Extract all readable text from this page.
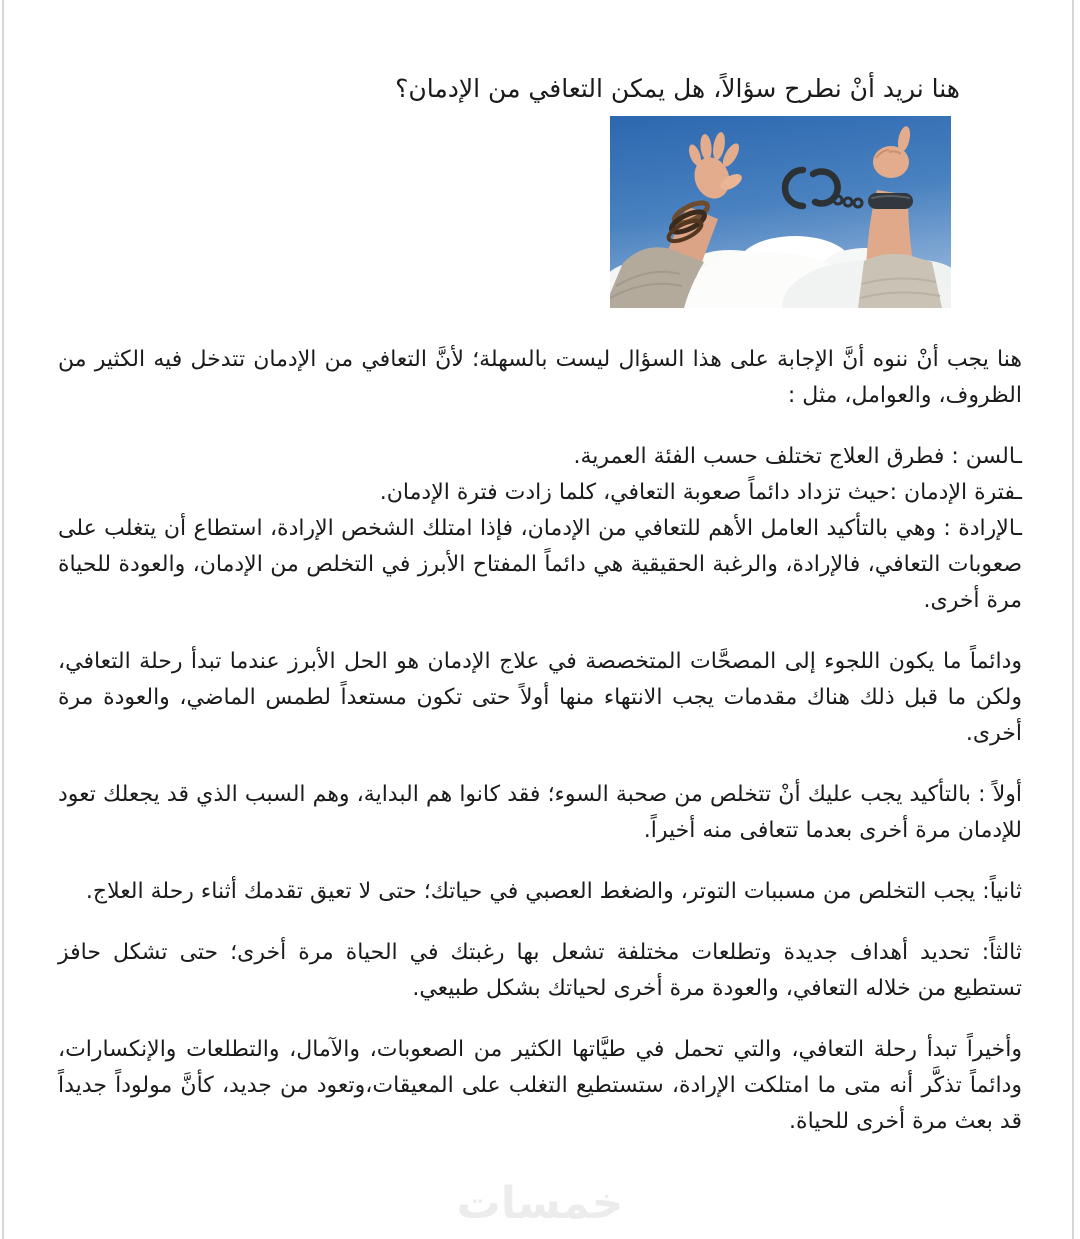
هنا نريد أنْ نطرح سؤالاً، هل يمكن التعافي من الإدمان؟

هنا يجب أنْ ننوه أنَّ الإجابة على هذا السؤال ليست بالسهلة؛ لأنَّ التعافي من الإدمان تتدخل فيه الكثير من الظروف، والعوامل، مثل :

ـالسن : فطرق العلاج تختلف حسب الفئة العمرية.

ـفترة الإدمان :حيث تزداد دائماً صعوبة التعافي، كلما زادت فترة الإدمان.

ـالإرادة : وهي بالتأكيد العامل الأهم للتعافي من الإدمان، فإذا امتلك الشخص الإرادة، استطاع أن يتغلب على صعوبات التعافي، فالإرادة، والرغبة الحقيقية هي دائماً المفتاح الأبرز في التخلص من الإدمان، والعودة للحياة مرة أخرى.

ودائماً ما يكون اللجوء إلى المصحَّات المتخصصة في علاج الإدمان هو الحل الأبرز عندما تبدأ رحلة التعافي، ولكن ما قبل ذلك هناك مقدمات يجب الانتهاء منها أولاً حتى تكون مستعداً لطمس الماضي، والعودة مرة أخرى.

أولاً : بالتأكيد يجب عليك أنْ تتخلص من صحبة السوء؛ فقد كانوا هم البداية، وهم السبب الذي قد يجعلك تعود للإدمان مرة أخرى بعدما تتعافى منه أخيراً.

ثانياً: يجب التخلص من مسببات التوتر، والضغط العصبي في حياتك؛ حتى لا تعيق تقدمك أثناء رحلة العلاج.

ثالثاً: تحديد أهداف جديدة وتطلعات مختلفة تشعل بها رغبتك في الحياة مرة أخرى؛ حتى تشكل حافز تستطيع من خلاله التعافي، والعودة مرة أخرى لحياتك بشكل طبيعي.

وأخيراً تبدأ رحلة التعافي، والتي تحمل في طيَّاتها الكثير من الصعوبات، والآمال، والتطلعات والإنكسارات، ودائماً تذكَّر أنه متى ما امتلكت الإرادة، ستستطيع التغلب على المعيقات،وتعود من جديد، كأنَّ مولوداً جديداً قد بعث مرة أخرى للحياة.

خمسات
